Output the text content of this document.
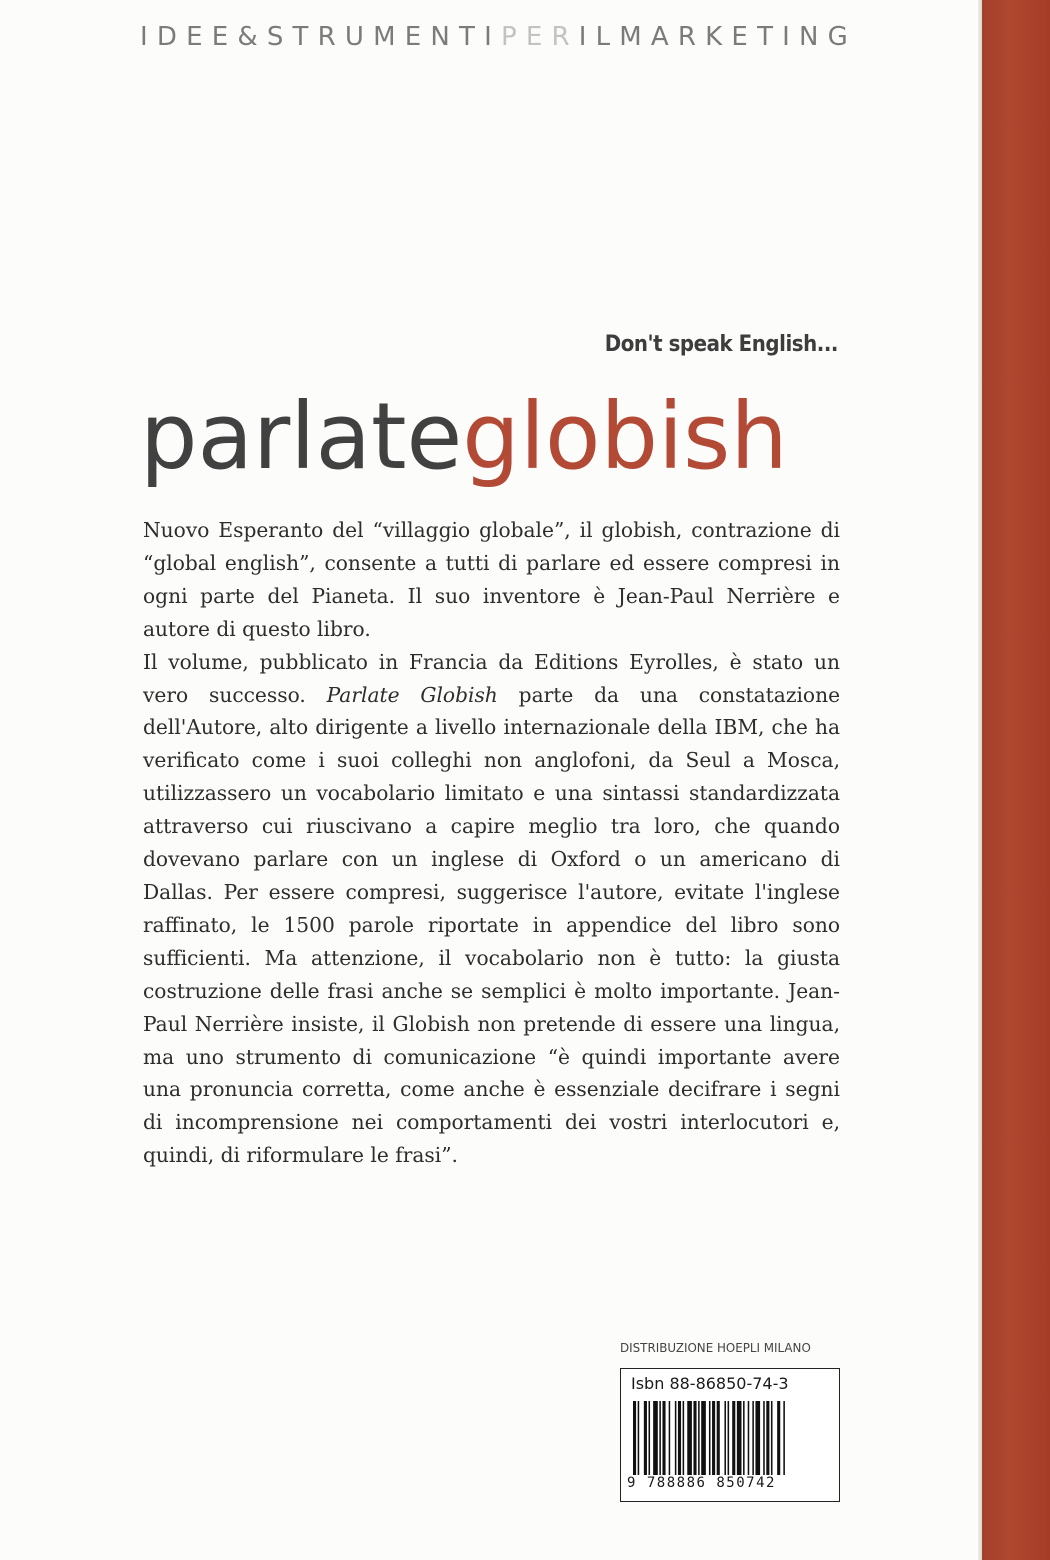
IDEE&STRUMENTIPERILMARKETING
Don't speak English...
parlateglobish

Nuovo Esperanto del “villaggio globale”, il globish, contrazione di “global english”, consente a tutti di parlare ed essere compresi in ogni parte del Pianeta. Il suo inventore è Jean-Paul Nerrière e autore di questo libro.

Il volume, pubblicato in Francia da Editions Eyrolles, è stato un vero successo. Parlate Globish parte da una constatazione dell'Autore, alto dirigente a livello internazionale della IBM, che ha verificato come i suoi colleghi non anglofoni, da Seul a Mosca, utilizzassero un vocabolario limitato e una sintassi standardizzata attraverso cui riuscivano a capire meglio tra loro, che quando dovevano parlare con un inglese di Oxford o un americano di Dallas. Per essere compresi, suggerisce l'autore, evitate l'inglese raffinato, le 1500 parole riportate in appendice del libro sono sufficienti. Ma attenzione, il vocabolario non è tutto: la giusta costruzione delle frasi anche se semplici è molto importante. Jean-Paul Nerrière insiste, il Globish non pretende di essere una lingua, ma uno strumento di comunicazione “è quindi importante avere una pronuncia corretta, come anche è essenziale decifrare i segni di incomprensione nei comportamenti dei vostri interlocutori e, quindi, di riformulare le frasi”.

DISTRIBUZIONE HOEPLI MILANO
Isbn 88-86850-74-3
9 788886 850742
